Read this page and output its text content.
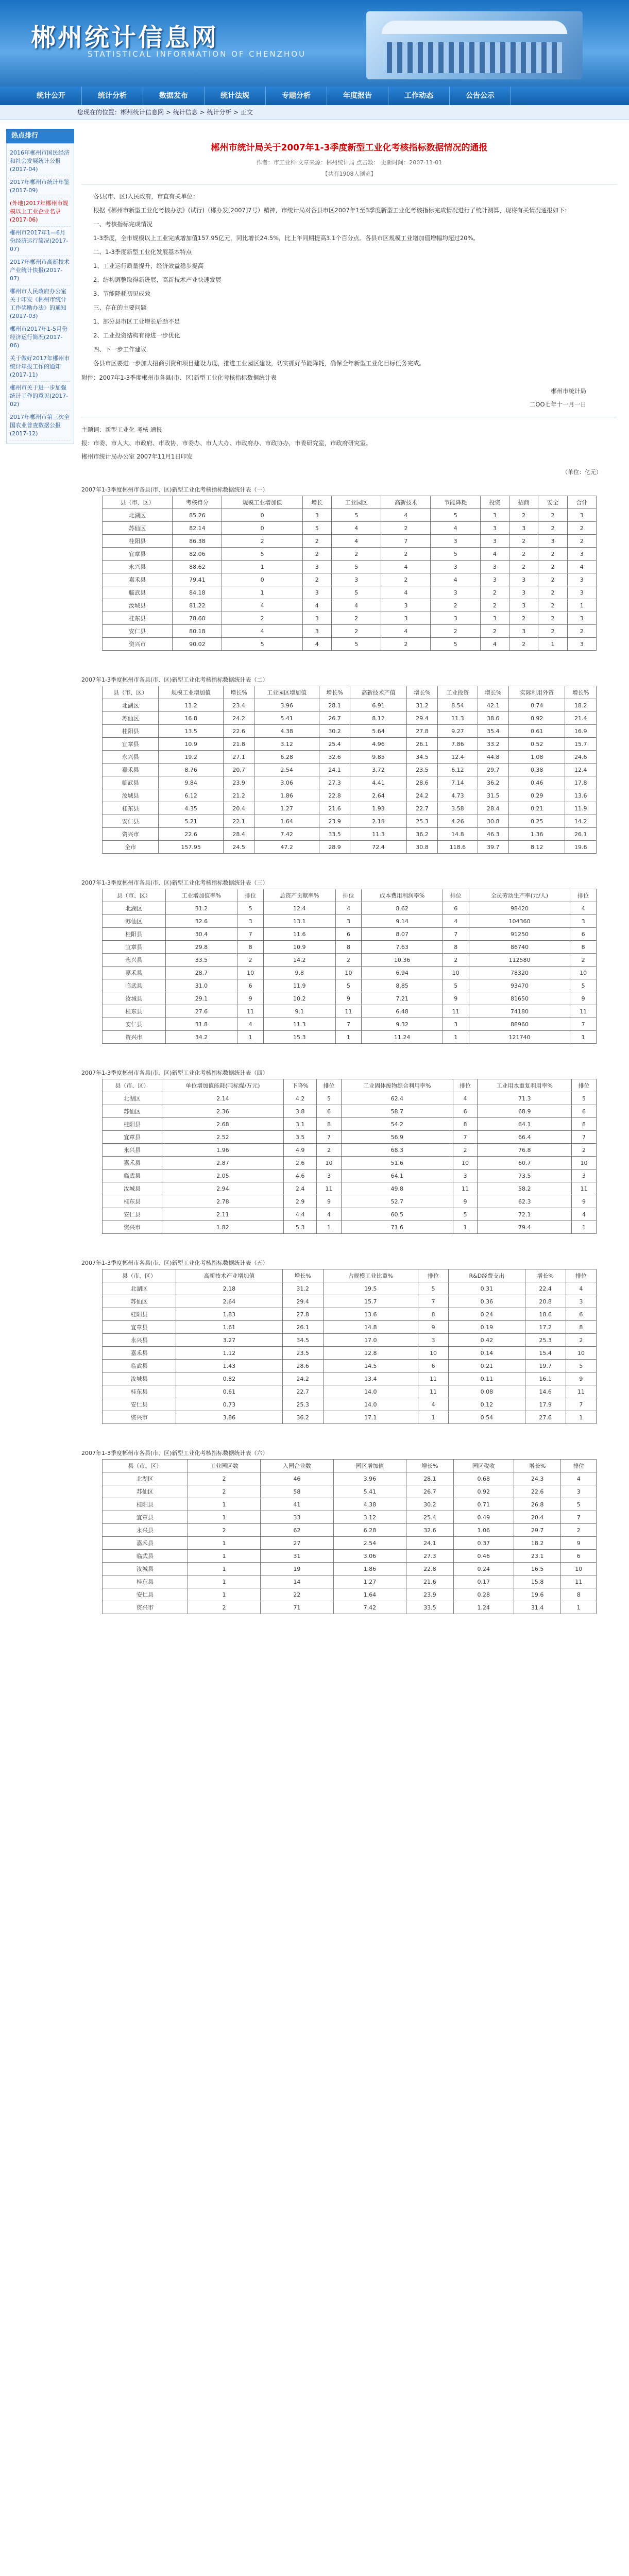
郴州统计信息网
STATISTICAL INFORMATION OF CHENZHOU
统计公开	统计分析	数据发布	统计法规	专题分析	年度报告	工作动态	公告公示
您现在的位置：郴州统计信息网 > 统计信息 > 统计分析 > 正文
热点排行
2016年郴州市国民经济和社会发展统计公报(2017-04)
2017年郴州市统计年鉴(2017-09)
(外地)2017年郴州市规模以上工业企业名录(2017-06)
郴州市2017年1—6月份经济运行简况(2017-07)
2017年郴州市高新技术产业统计快报(2017-07)
郴州市人民政府办公室关于印发《郴州市统计工作奖励办法》的通知(2017-03)
郴州市2017年1-5月份经济运行简况(2017-06)
关于做好2017年郴州市统计年报工作的通知(2017-11)
郴州市关于进一步加强统计工作的意见(2017-02)
2017年郴州市第三次全国农业普查数据公报(2017-12)
郴州市统计局关于2007年1-3季度新型工业化考核指标数据情况的通报
作者：市工业科 文章来源：郴州统计局 点击数： 更新时间：2007-11-01
【共有1908人浏览】

各县(市、区)人民政府，市直有关单位：

根据《郴州市新型工业化考核办法》(试行)（郴办发[2007]7号）精神，市统计局对各县市区2007年1至3季度新型工业化考核指标完成情况进行了统计测算，现将有关情况通报如下：

一、考核指标完成情况

1-3季度，全市规模以上工业完成增加值157.95亿元，同比增长24.5%，比上年同期提高3.1个百分点。各县市区规模工业增加值增幅均超过20%。

二、1-3季度新型工业化发展基本特点

1、工业运行质量提升，经济效益稳步提高

2、结构调整取得新进展，高新技术产业快速发展

3、节能降耗初见成效

三、存在的主要问题

1、部分县市区工业增长后劲不足

2、工业投资结构有待进一步优化

四、下一步工作建议

各县市区要进一步加大招商引资和项目建设力度，推进工业园区建设，切实抓好节能降耗，确保全年新型工业化目标任务完成。

附件：2007年1-3季度郴州市各县(市、区)新型工业化考核指标数据统计表
郴州市统计局
二OO七年十一月一日
主题词：新型工业化 考核 通报
报：市委、市人大、市政府、市政协，市委办、市人大办、市政府办、市政协办，市委研究室，市政府研究室。
郴州市统计局办公室 2007年11月1日印发
（单位：亿元）
2007年1-3季度郴州市各县(市、区)新型工业化考核指标数据统计表（一）
县（市、区）	考核得分	规模工业增加值	增长	工业园区	高新技术	节能降耗	投资	招商	安全	合计
北湖区	85.26	0	3	5	4	5	3	2	2	3
苏仙区	82.14	0	5	4	2	4	3	3	2	2
桂阳县	86.38	2	2	4	7	3	3	2	3	2
宜章县	82.06	5	2	2	2	5	4	2	2	3
永兴县	88.62	1	3	5	4	3	3	2	2	4
嘉禾县	79.41	0	2	3	2	4	3	3	2	3
临武县	84.18	1	3	5	4	3	2	3	2	3
汝城县	81.22	4	4	4	3	2	2	3	2	1
桂东县	78.60	2	3	2	3	3	3	2	2	3
安仁县	80.18	4	3	2	4	2	2	3	2	2
资兴市	90.02	5	4	5	2	5	4	2	1	3
2007年1-3季度郴州市各县(市、区)新型工业化考核指标数据统计表（二）
县（市、区）	规模工业增加值	增长%	工业园区增加值	增长%	高新技术产值	增长%	工业投资	增长%	实际利用外资	增长%
北湖区	11.2	23.4	3.96	28.1	6.91	31.2	8.54	42.1	0.74	18.2
苏仙区	16.8	24.2	5.41	26.7	8.12	29.4	11.3	38.6	0.92	21.4
桂阳县	13.5	22.6	4.38	30.2	5.64	27.8	9.27	35.4	0.61	16.9
宜章县	10.9	21.8	3.12	25.4	4.96	26.1	7.86	33.2	0.52	15.7
永兴县	19.2	27.1	6.28	32.6	9.85	34.5	12.4	44.8	1.08	24.6
嘉禾县	8.76	20.7	2.54	24.1	3.72	23.5	6.12	29.7	0.38	12.4
临武县	9.84	23.9	3.06	27.3	4.41	28.6	7.14	36.2	0.46	17.8
汝城县	6.12	21.2	1.86	22.8	2.64	24.2	4.73	31.5	0.29	13.6
桂东县	4.35	20.4	1.27	21.6	1.93	22.7	3.58	28.4	0.21	11.9
安仁县	5.21	22.1	1.64	23.9	2.18	25.3	4.26	30.8	0.25	14.2
资兴市	22.6	28.4	7.42	33.5	11.3	36.2	14.8	46.3	1.36	26.1
全市	157.95	24.5	47.2	28.9	72.4	30.8	118.6	39.7	8.12	19.6
2007年1-3季度郴州市各县(市、区)新型工业化考核指标数据统计表（三）
县（市、区）	工业增加值率%	排位	总资产贡献率%	排位	成本费用利润率%	排位	全员劳动生产率(元/人)	排位
北湖区	31.2	5	12.4	4	8.62	6	98420	4
苏仙区	32.6	3	13.1	3	9.14	4	104360	3
桂阳县	30.4	7	11.6	6	8.07	7	91250	6
宜章县	29.8	8	10.9	8	7.63	8	86740	8
永兴县	33.5	2	14.2	2	10.36	2	112580	2
嘉禾县	28.7	10	9.8	10	6.94	10	78320	10
临武县	31.0	6	11.9	5	8.85	5	93470	5
汝城县	29.1	9	10.2	9	7.21	9	81650	9
桂东县	27.6	11	9.1	11	6.48	11	74180	11
安仁县	31.8	4	11.3	7	9.32	3	88960	7
资兴市	34.2	1	15.3	1	11.24	1	121740	1
2007年1-3季度郴州市各县(市、区)新型工业化考核指标数据统计表（四）
县（市、区）	单位增加值能耗(吨标煤/万元)	下降%	排位	工业固体废物综合利用率%	排位	工业用水重复利用率%	排位
北湖区	2.14	4.2	5	62.4	4	71.3	5
苏仙区	2.36	3.8	6	58.7	6	68.9	6
桂阳县	2.68	3.1	8	54.2	8	64.1	8
宜章县	2.52	3.5	7	56.9	7	66.4	7
永兴县	1.96	4.9	2	68.3	2	76.8	2
嘉禾县	2.87	2.6	10	51.6	10	60.7	10
临武县	2.05	4.6	3	64.1	3	73.5	3
汝城县	2.94	2.4	11	49.8	11	58.2	11
桂东县	2.78	2.9	9	52.7	9	62.3	9
安仁县	2.11	4.4	4	60.5	5	72.1	4
资兴市	1.82	5.3	1	71.6	1	79.4	1
2007年1-3季度郴州市各县(市、区)新型工业化考核指标数据统计表（五）
县（市、区）	高新技术产业增加值	增长%	占规模工业比重%	排位	R&D经费支出	增长%	排位
北湖区	2.18	31.2	19.5	5	0.31	22.4	4
苏仙区	2.64	29.4	15.7	7	0.36	20.8	3
桂阳县	1.83	27.8	13.6	8	0.24	18.6	6
宜章县	1.61	26.1	14.8	9	0.19	17.2	8
永兴县	3.27	34.5	17.0	3	0.42	25.3	2
嘉禾县	1.12	23.5	12.8	10	0.14	15.4	10
临武县	1.43	28.6	14.5	6	0.21	19.7	5
汝城县	0.82	24.2	13.4	11	0.11	16.1	9
桂东县	0.61	22.7	14.0	11	0.08	14.6	11
安仁县	0.73	25.3	14.0	4	0.12	17.9	7
资兴市	3.86	36.2	17.1	1	0.54	27.6	1
2007年1-3季度郴州市各县(市、区)新型工业化考核指标数据统计表（六）
县（市、区）	工业园区数	入园企业数	园区增加值	增长%	园区税收	增长%	排位
北湖区	2	46	3.96	28.1	0.68	24.3	4
苏仙区	2	58	5.41	26.7	0.92	22.6	3
桂阳县	1	41	4.38	30.2	0.71	26.8	5
宜章县	1	33	3.12	25.4	0.49	20.4	7
永兴县	2	62	6.28	32.6	1.06	29.7	2
嘉禾县	1	27	2.54	24.1	0.37	18.2	9
临武县	1	31	3.06	27.3	0.46	23.1	6
汝城县	1	19	1.86	22.8	0.24	16.5	10
桂东县	1	14	1.27	21.6	0.17	15.8	11
安仁县	1	22	1.64	23.9	0.28	19.6	8
资兴市	2	71	7.42	33.5	1.24	31.4	1
